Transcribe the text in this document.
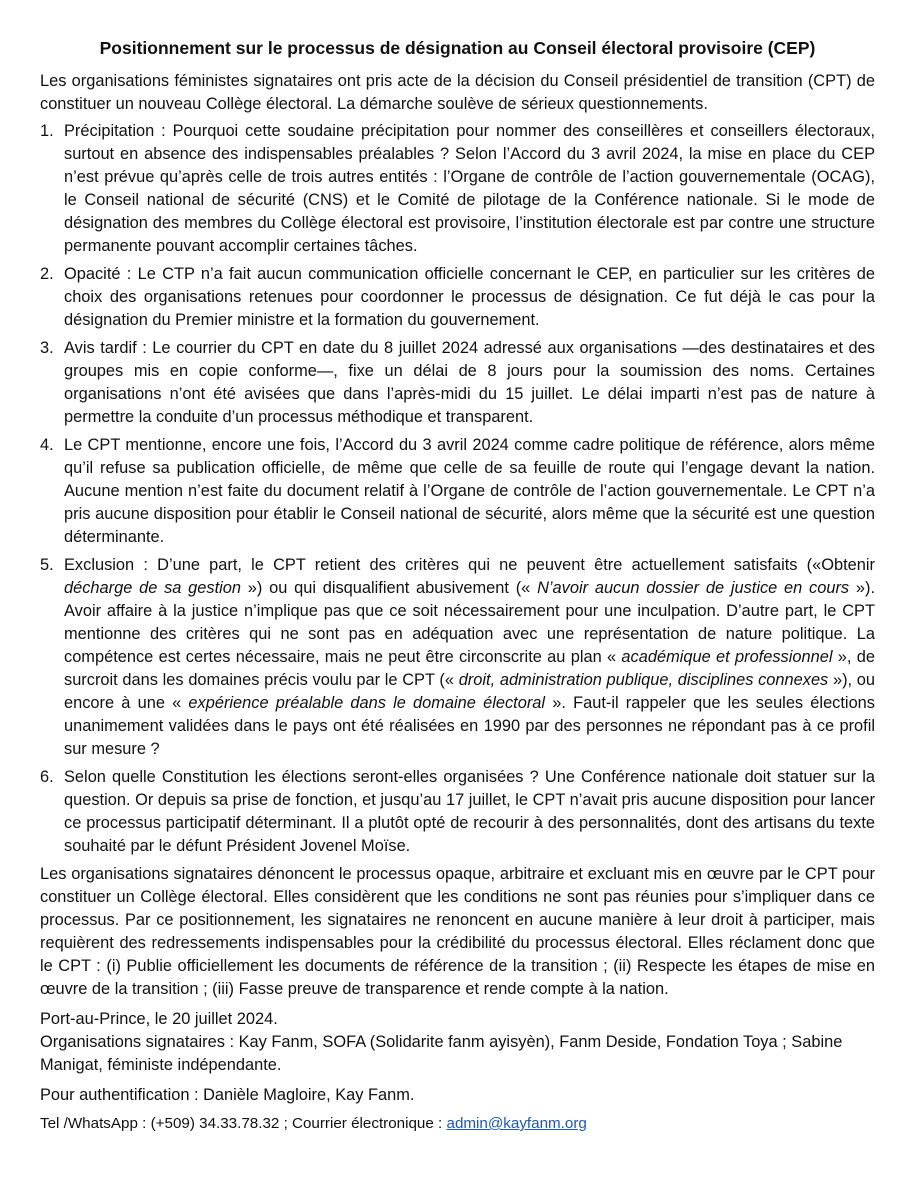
Positionnement sur le processus de désignation au Conseil électoral provisoire (CEP)

Les organisations féministes signataires ont pris acte de la décision du Conseil présidentiel de transition (CPT) de constituer un nouveau Collège électoral. La démarche soulève de sérieux questionnements.

1. Précipitation : Pourquoi cette soudaine précipitation pour nommer des conseillères et conseillers électoraux, surtout en absence des indispensables préalables ? Selon l’Accord du 3 avril 2024, la mise en place du CEP n’est prévue qu’après celle de trois autres entités : l’Organe de contrôle de l’action gouvernementale (OCAG), le Conseil national de sécurité (CNS) et le Comité de pilotage de la Conférence nationale. Si le mode de désignation des membres du Collège électoral est provisoire, l’institution électorale est par contre une structure permanente pouvant accomplir certaines tâches.
2. Opacité : Le CTP n’a fait aucun communication officielle concernant le CEP, en particulier sur les critères de choix des organisations retenues pour coordonner le processus de désignation. Ce fut déjà le cas pour la désignation du Premier ministre et la formation du gouvernement.
3. Avis tardif : Le courrier du CPT en date du 8 juillet 2024 adressé aux organisations —des destinataires et des groupes mis en copie conforme—, fixe un délai de 8 jours pour la soumission des noms. Certaines organisations n’ont été avisées que dans l’après-midi du 15 juillet. Le délai imparti n’est pas de nature à permettre la conduite d’un processus méthodique et transparent.
4. Le CPT mentionne, encore une fois, l’Accord du 3 avril 2024 comme cadre politique de référence, alors même qu’il refuse sa publication officielle, de même que celle de sa feuille de route qui l’engage devant la nation. Aucune mention n’est faite du document relatif à l’Organe de contrôle de l’action gouvernementale. Le CPT n’a pris aucune disposition pour établir le Conseil national de sécurité, alors même que la sécurité est une question déterminante.
5. Exclusion : D’une part, le CPT retient des critères qui ne peuvent être actuellement satisfaits («Obtenir décharge de sa gestion ») ou qui disqualifient abusivement (« N’avoir aucun dossier de justice en cours »). Avoir affaire à la justice n’implique pas que ce soit nécessairement pour une inculpation. D’autre part, le CPT mentionne des critères qui ne sont pas en adéquation avec une représentation de nature politique. La compétence est certes nécessaire, mais ne peut être circonscrite au plan « académique et professionnel », de surcroit dans les domaines précis voulu par le CPT (« droit, administration publique, disciplines connexes »), ou encore à une « expérience préalable dans le domaine électoral ». Faut-il rappeler que les seules élections unanimement validées dans le pays ont été réalisées en 1990 par des personnes ne répondant pas à ce profil sur mesure ?
6. Selon quelle Constitution les élections seront-elles organisées ? Une Conférence nationale doit statuer sur la question. Or depuis sa prise de fonction, et jusqu’au 17 juillet, le CPT n’avait pris aucune disposition pour lancer ce processus participatif déterminant. Il a plutôt opté de recourir à des personnalités, dont des artisans du texte souhaité par le défunt Président Jovenel Moïse.

Les organisations signataires dénoncent le processus opaque, arbitraire et excluant mis en œuvre par le CPT pour constituer un Collège électoral. Elles considèrent que les conditions ne sont pas réunies pour s’impliquer dans ce processus. Par ce positionnement, les signataires ne renoncent en aucune manière à leur droit à participer, mais requièrent des redressements indispensables pour la crédibilité du processus électoral. Elles réclament donc que le CPT : (i) Publie officiellement les documents de référence de la transition ; (ii) Respecte les étapes de mise en œuvre de la transition ; (iii) Fasse preuve de transparence et rende compte à la nation.

Port-au-Prince, le 20 juillet 2024.

Organisations signataires : Kay Fanm, SOFA (Solidarite fanm ayisyèn), Fanm Deside, Fondation Toya ; Sabine Manigat, féministe indépendante.

Pour authentification : Danièle Magloire, Kay Fanm.

Tel /WhatsApp : (+509) 34.33.78.32 ; Courrier électronique : admin@kayfanm.org
